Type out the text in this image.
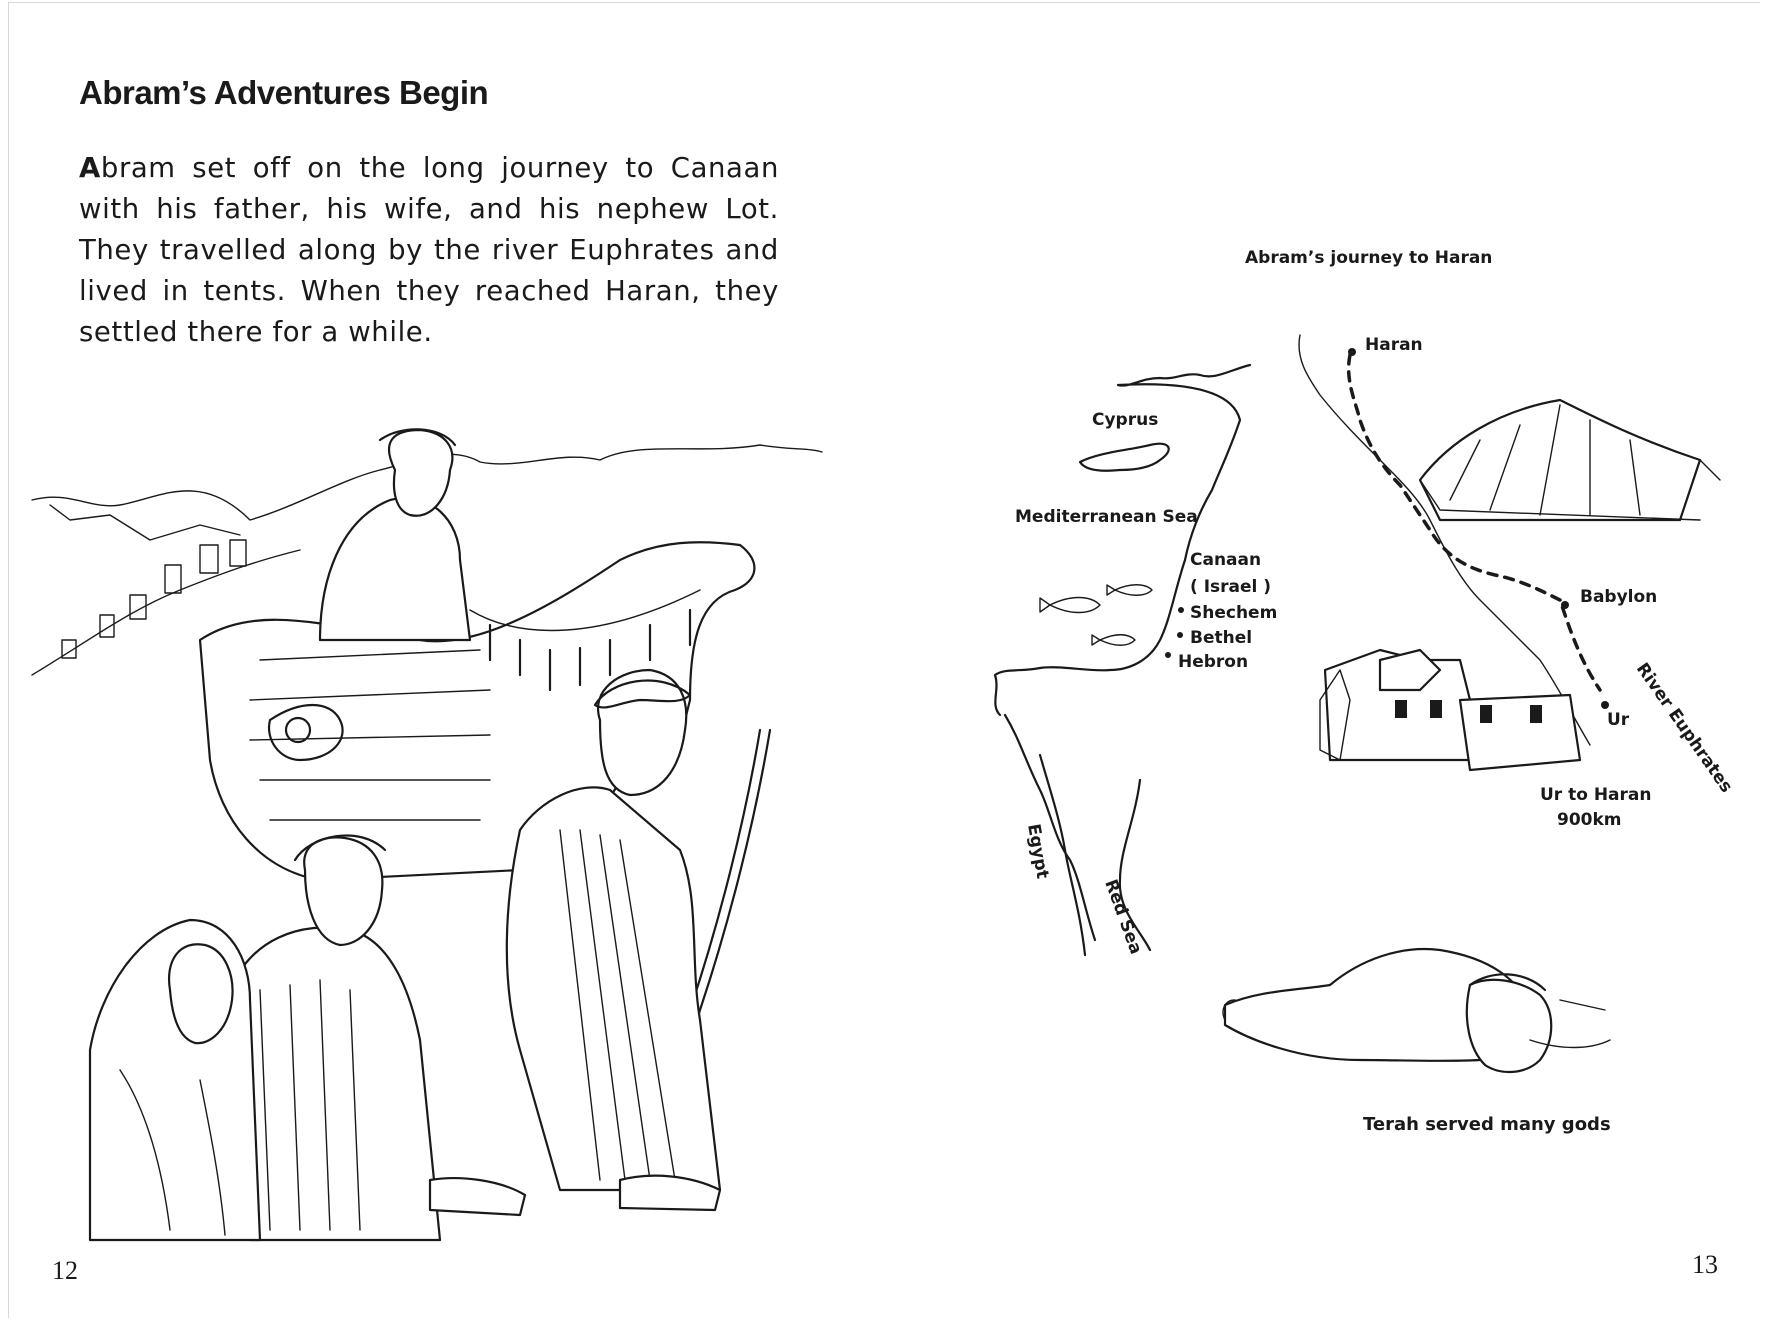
Abram’s Adventures Begin
Abram set off on the long journey to Canaan with his father, his wife, and his nephew Lot. They travelled along by the river Euphrates and lived in tents. When they reached Haran, they settled there for a while.
Abram’s journey to Haran
Haran
Cyprus
Mediterranean Sea
Canaan
( Israel )
Shechem
Bethel
Hebron
Babylon
Ur
Ur to Haran
900km
River Euphrates
Egypt
Red Sea
Terah served many gods
12	13
